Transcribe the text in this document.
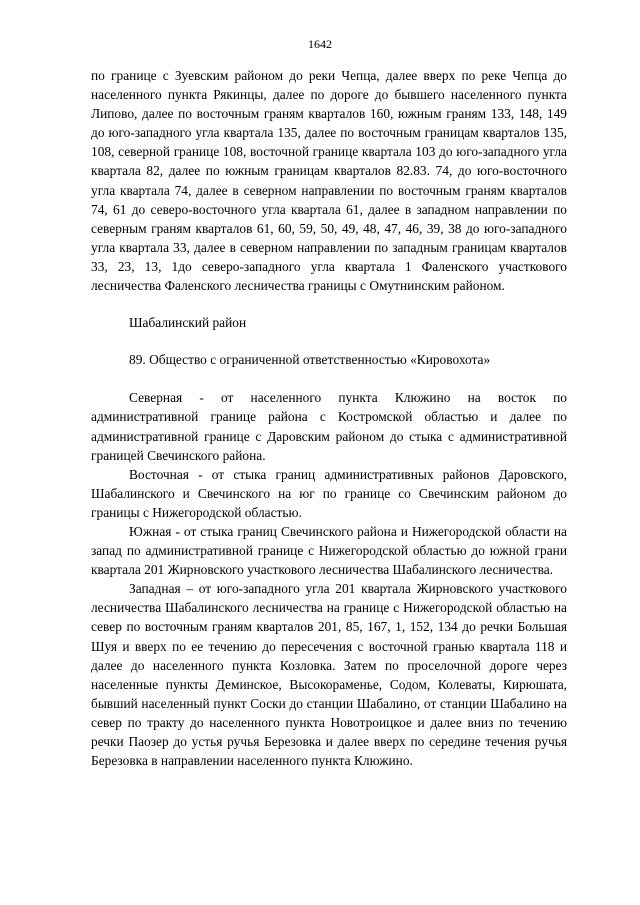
1642

по границе с Зуевским районом до реки Чепца, далее вверх по реке Чепца до населенного пункта Рякинцы, далее по дороге до бывшего населенного пункта Липово, далее по восточным граням кварталов 160, южным граням 133, 148, 149 до юго-западного угла квартала 135, далее по восточным границам кварталов 135, 108, северной границе 108, восточной границе квартала 103 до юго-западного угла квартала 82, далее по южным границам кварталов 82.83. 74, до юго-восточного угла квартала 74, далее в северном направлении по восточным граням кварталов 74, 61 до северо-восточного угла квартала 61, далее в западном направлении по северным граням кварталов 61, 60, 59, 50, 49, 48, 47, 46, 39, 38 до юго-западного угла квартала 33, далее в северном направлении по западным границам кварталов 33, 23, 13, 1до северо-западного угла квартала 1 Фаленского участкового лесничества Фаленского лесничества границы с Омутнинским районом.

Шабалинский район

89. Общество с ограниченной ответственностью «Кировохота»

Северная - от населенного пункта Клюжино на восток по административной границе района с Костромской областью и далее по административной границе с Даровским районом до стыка с административной границей Свечинского района.

Восточная - от стыка границ административных районов Даровского, Шабалинского и Свечинского на юг по границе со Свечинским районом до границы с Нижегородской областью.

Южная - от стыка границ Свечинского района и Нижегородской области на запад по административной границе с Нижегородской областью до южной грани квартала 201 Жирновского участкового лесничества Шабалинского лесничества.

Западная – от юго-западного угла 201 квартала Жирновского участкового лесничества Шабалинского лесничества на границе с Нижегородской областью на север по восточным граням кварталов 201, 85, 167, 1, 152, 134 до речки Большая Шуя и вверх по ее течению до пересечения с восточной гранью квартала 118 и далее до населенного пункта Козловка. Затем по проселочной дороге через населенные пункты Деминское, Высокораменье, Содом, Колеваты, Кирюшата, бывший населенный пункт Соски до станции Шабалино, от станции Шабалино на север по тракту до населенного пункта Новотроицкое и далее вниз по течению речки Паозер до устья ручья Березовка и далее вверх по середине течения ручья Березовка в направлении населенного пункта Клюжино.
